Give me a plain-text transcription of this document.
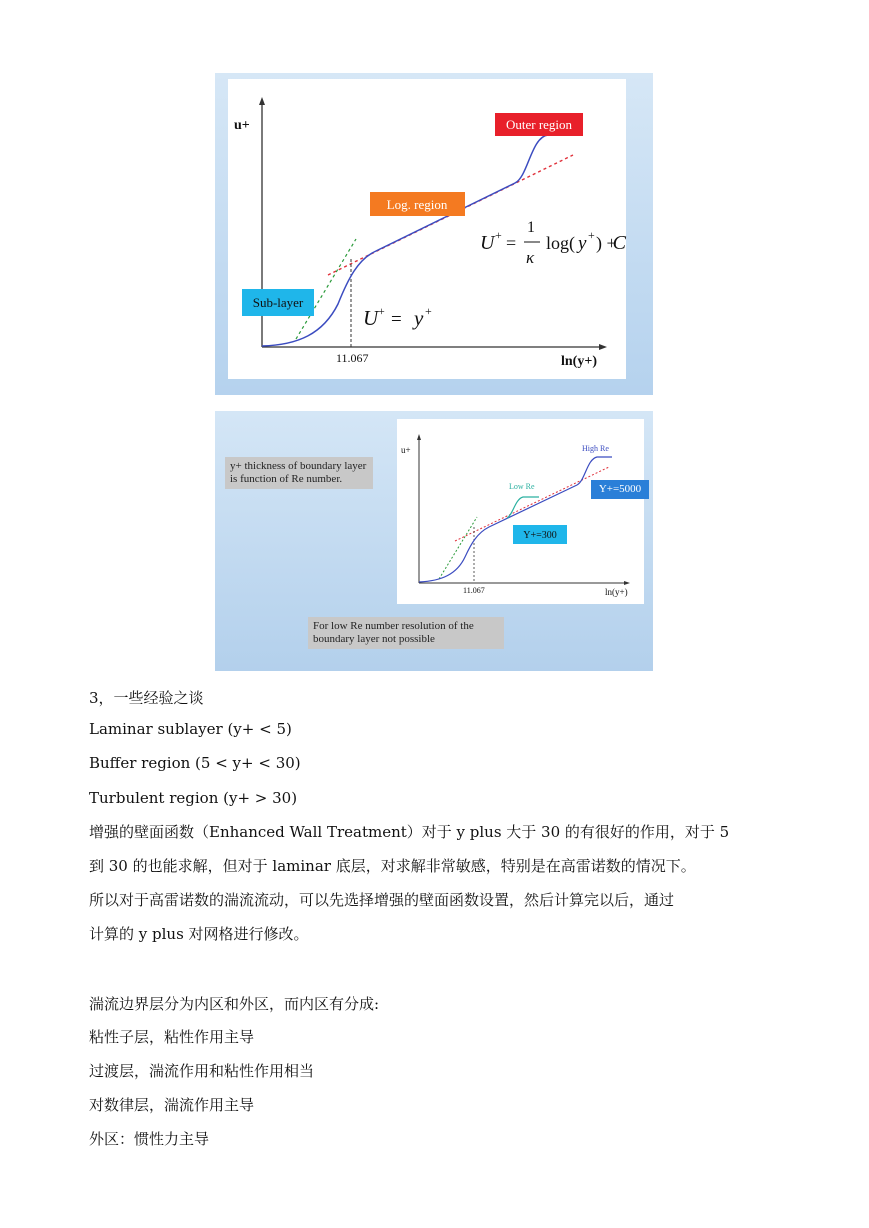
u+
ln(y+)
11.067
Outer region
Log. region
Sub-layer
U + =
1
κ
log( y + ) +
C
U + = y +
y+ thickness of boundary layer is function of Re number.
For low Re number resolution of the boundary layer not possible
u+
ln(y+)
11.067
Low Re
High Re
Y+=300
Y+=5000
3，一些经验之谈
Laminar sublayer (y+ < 5)
Buffer region (5 < y+ < 30)
Turbulent region (y+ > 30)
增强的壁面函数（Enhanced Wall Treatment）对于 y plus 大于 30 的有很好的作用，对于 5
到 30 的也能求解，但对于 laminar 底层，对求解非常敏感，特别是在高雷诺数的情况下。
所以对于高雷诺数的湍流流动，可以先选择增强的壁面函数设置，然后计算完以后，通过
计算的 y plus 对网格进行修改。
湍流边界层分为内区和外区，而内区有分成:
粘性子层，粘性作用主导
过渡层，湍流作用和粘性作用相当
对数律层，湍流作用主导
外区：惯性力主导
